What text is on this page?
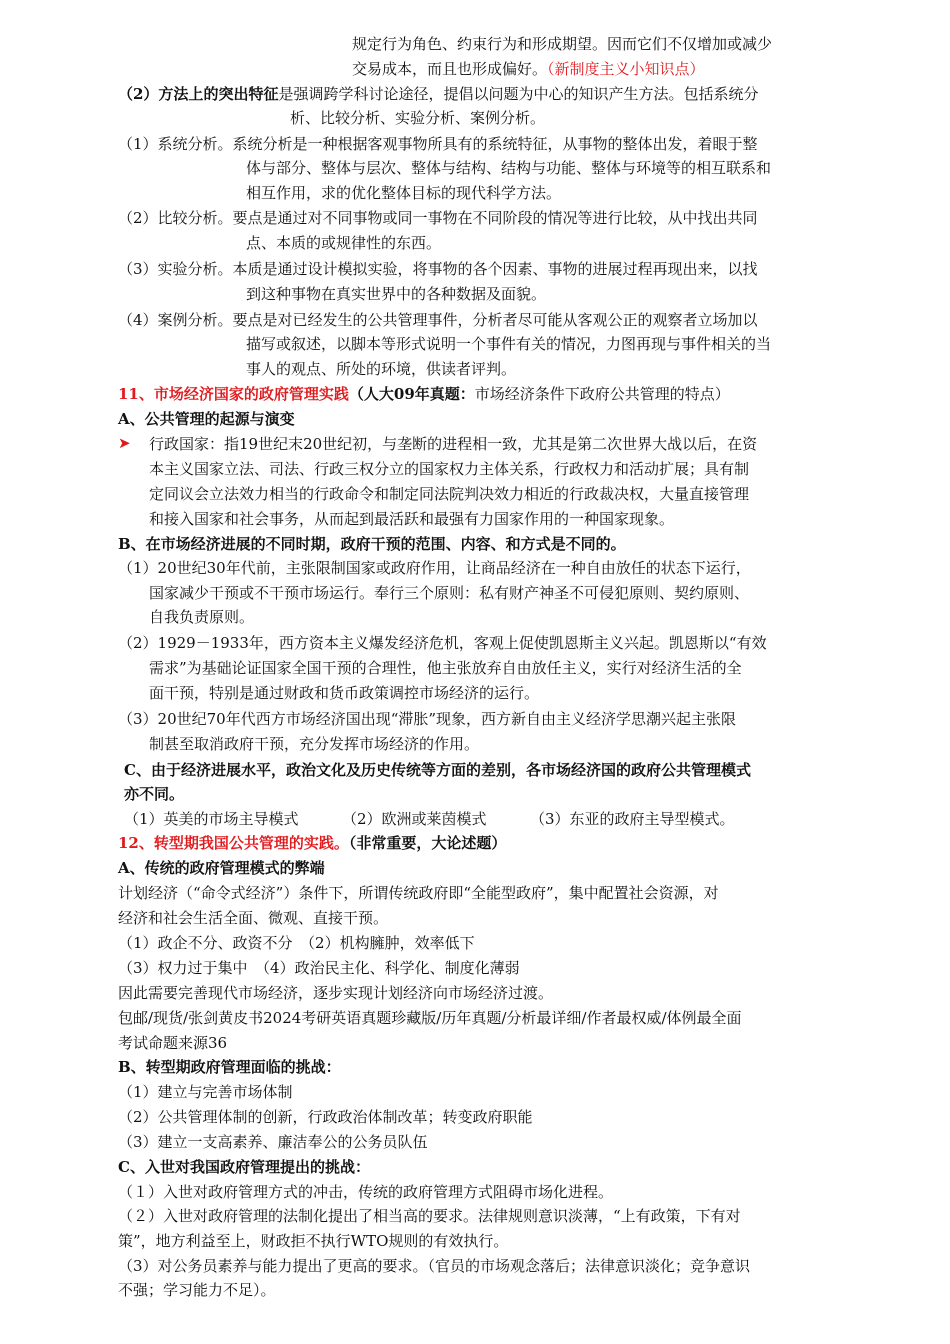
规定行为角色、约束行为和形成期望。因而它们不仅增加或减少
交易成本，而且也形成偏好。（新制度主义小知识点）
（2）方法上的突出特征是强调跨学科讨论途径，提倡以问题为中心的知识产生方法。包括系统分
析、比较分析、实验分析、案例分析。
（1）系统分析。系统分析是一种根据客观事物所具有的系统特征，从事物的整体出发，着眼于整
体与部分、整体与层次、整体与结构、结构与功能、整体与环境等的相互联系和
相互作用，求的优化整体目标的现代科学方法。
（2）比较分析。要点是通过对不同事物或同一事物在不同阶段的情况等进行比较，从中找出共同
点、本质的或规律性的东西。
（3）实验分析。本质是通过设计模拟实验，将事物的各个因素、事物的进展过程再现出来，以找
到这种事物在真实世界中的各种数据及面貌。
（4）案例分析。要点是对已经发生的公共管理事件，分析者尽可能从客观公正的观察者立场加以
描写或叙述，以脚本等形式说明一个事件有关的情况，力图再现与事件相关的当
事人的观点、所处的环境，供读者评判。
11、市场经济国家的政府管理实践（人大09年真题：市场经济条件下政府公共管理的特点）
A、公共管理的起源与演变
➤ 行政国家：指19世纪末20世纪初，与垄断的进程相一致，尤其是第二次世界大战以后，在资
本主义国家立法、司法、行政三权分立的国家权力主体关系，行政权力和活动扩展；具有制
定同议会立法效力相当的行政命令和制定同法院判决效力相近的行政裁决权，大量直接管理
和接入国家和社会事务，从而起到最活跃和最强有力国家作用的一种国家现象。
B、在市场经济进展的不同时期，政府干预的范围、内容、和方式是不同的。
（1）20世纪30年代前，主张限制国家或政府作用，让商品经济在一种自由放任的状态下运行，
国家减少干预或不干预市场运行。奉行三个原则：私有财产神圣不可侵犯原则、契约原则、
自我负责原则。
（2）1929－1933年，西方资本主义爆发经济危机，客观上促使凯恩斯主义兴起。凯恩斯以“有效
需求”为基础论证国家全国干预的合理性，他主张放弃自由放任主义，实行对经济生活的全
面干预，特别是通过财政和货币政策调控市场经济的运行。
（3）20世纪70年代西方市场经济国出现“滞胀”现象，西方新自由主义经济学思潮兴起主张限
制甚至取消政府干预，充分发挥市场经济的作用。
C、由于经济进展水平，政治文化及历史传统等方面的差别，各市场经济国的政府公共管理模式
亦不同。
（1）英美的市场主导模式	（2）欧洲或莱茵模式	（3）东亚的政府主导型模式。
12、转型期我国公共管理的实践。（非常重要，大论述题）
A、传统的政府管理模式的弊端
计划经济（“命令式经济”）条件下，所谓传统政府即“全能型政府”，集中配置社会资源，对
经济和社会生活全面、微观、直接干预。
（1）政企不分、政资不分　（2）机构臃肿，效率低下
（3）权力过于集中　（4）政治民主化、科学化、制度化薄弱
因此需要完善现代市场经济，逐步实现计划经济向市场经济过渡。
包邮/现货/张剑黄皮书2024考研英语真题珍藏版/历年真题/分析最详细/作者最权威/体例最全面
考试命题来源36
B、转型期政府管理面临的挑战：
（1）建立与完善市场体制
（2）公共管理体制的创新，行政政治体制改革；转变政府职能
（3）建立一支高素养、廉洁奉公的公务员队伍
C、入世对我国政府管理提出的挑战：
（１）入世对政府管理方式的冲击，传统的政府管理方式阻碍市场化进程。
（２）入世对政府管理的法制化提出了相当高的要求。法律规则意识淡薄，“上有政策，下有对
策”，地方利益至上，财政拒不执行WTO规则的有效执行。
（3）对公务员素养与能力提出了更高的要求。（官员的市场观念落后；法律意识淡化；竞争意识
不强；学习能力不足）。
